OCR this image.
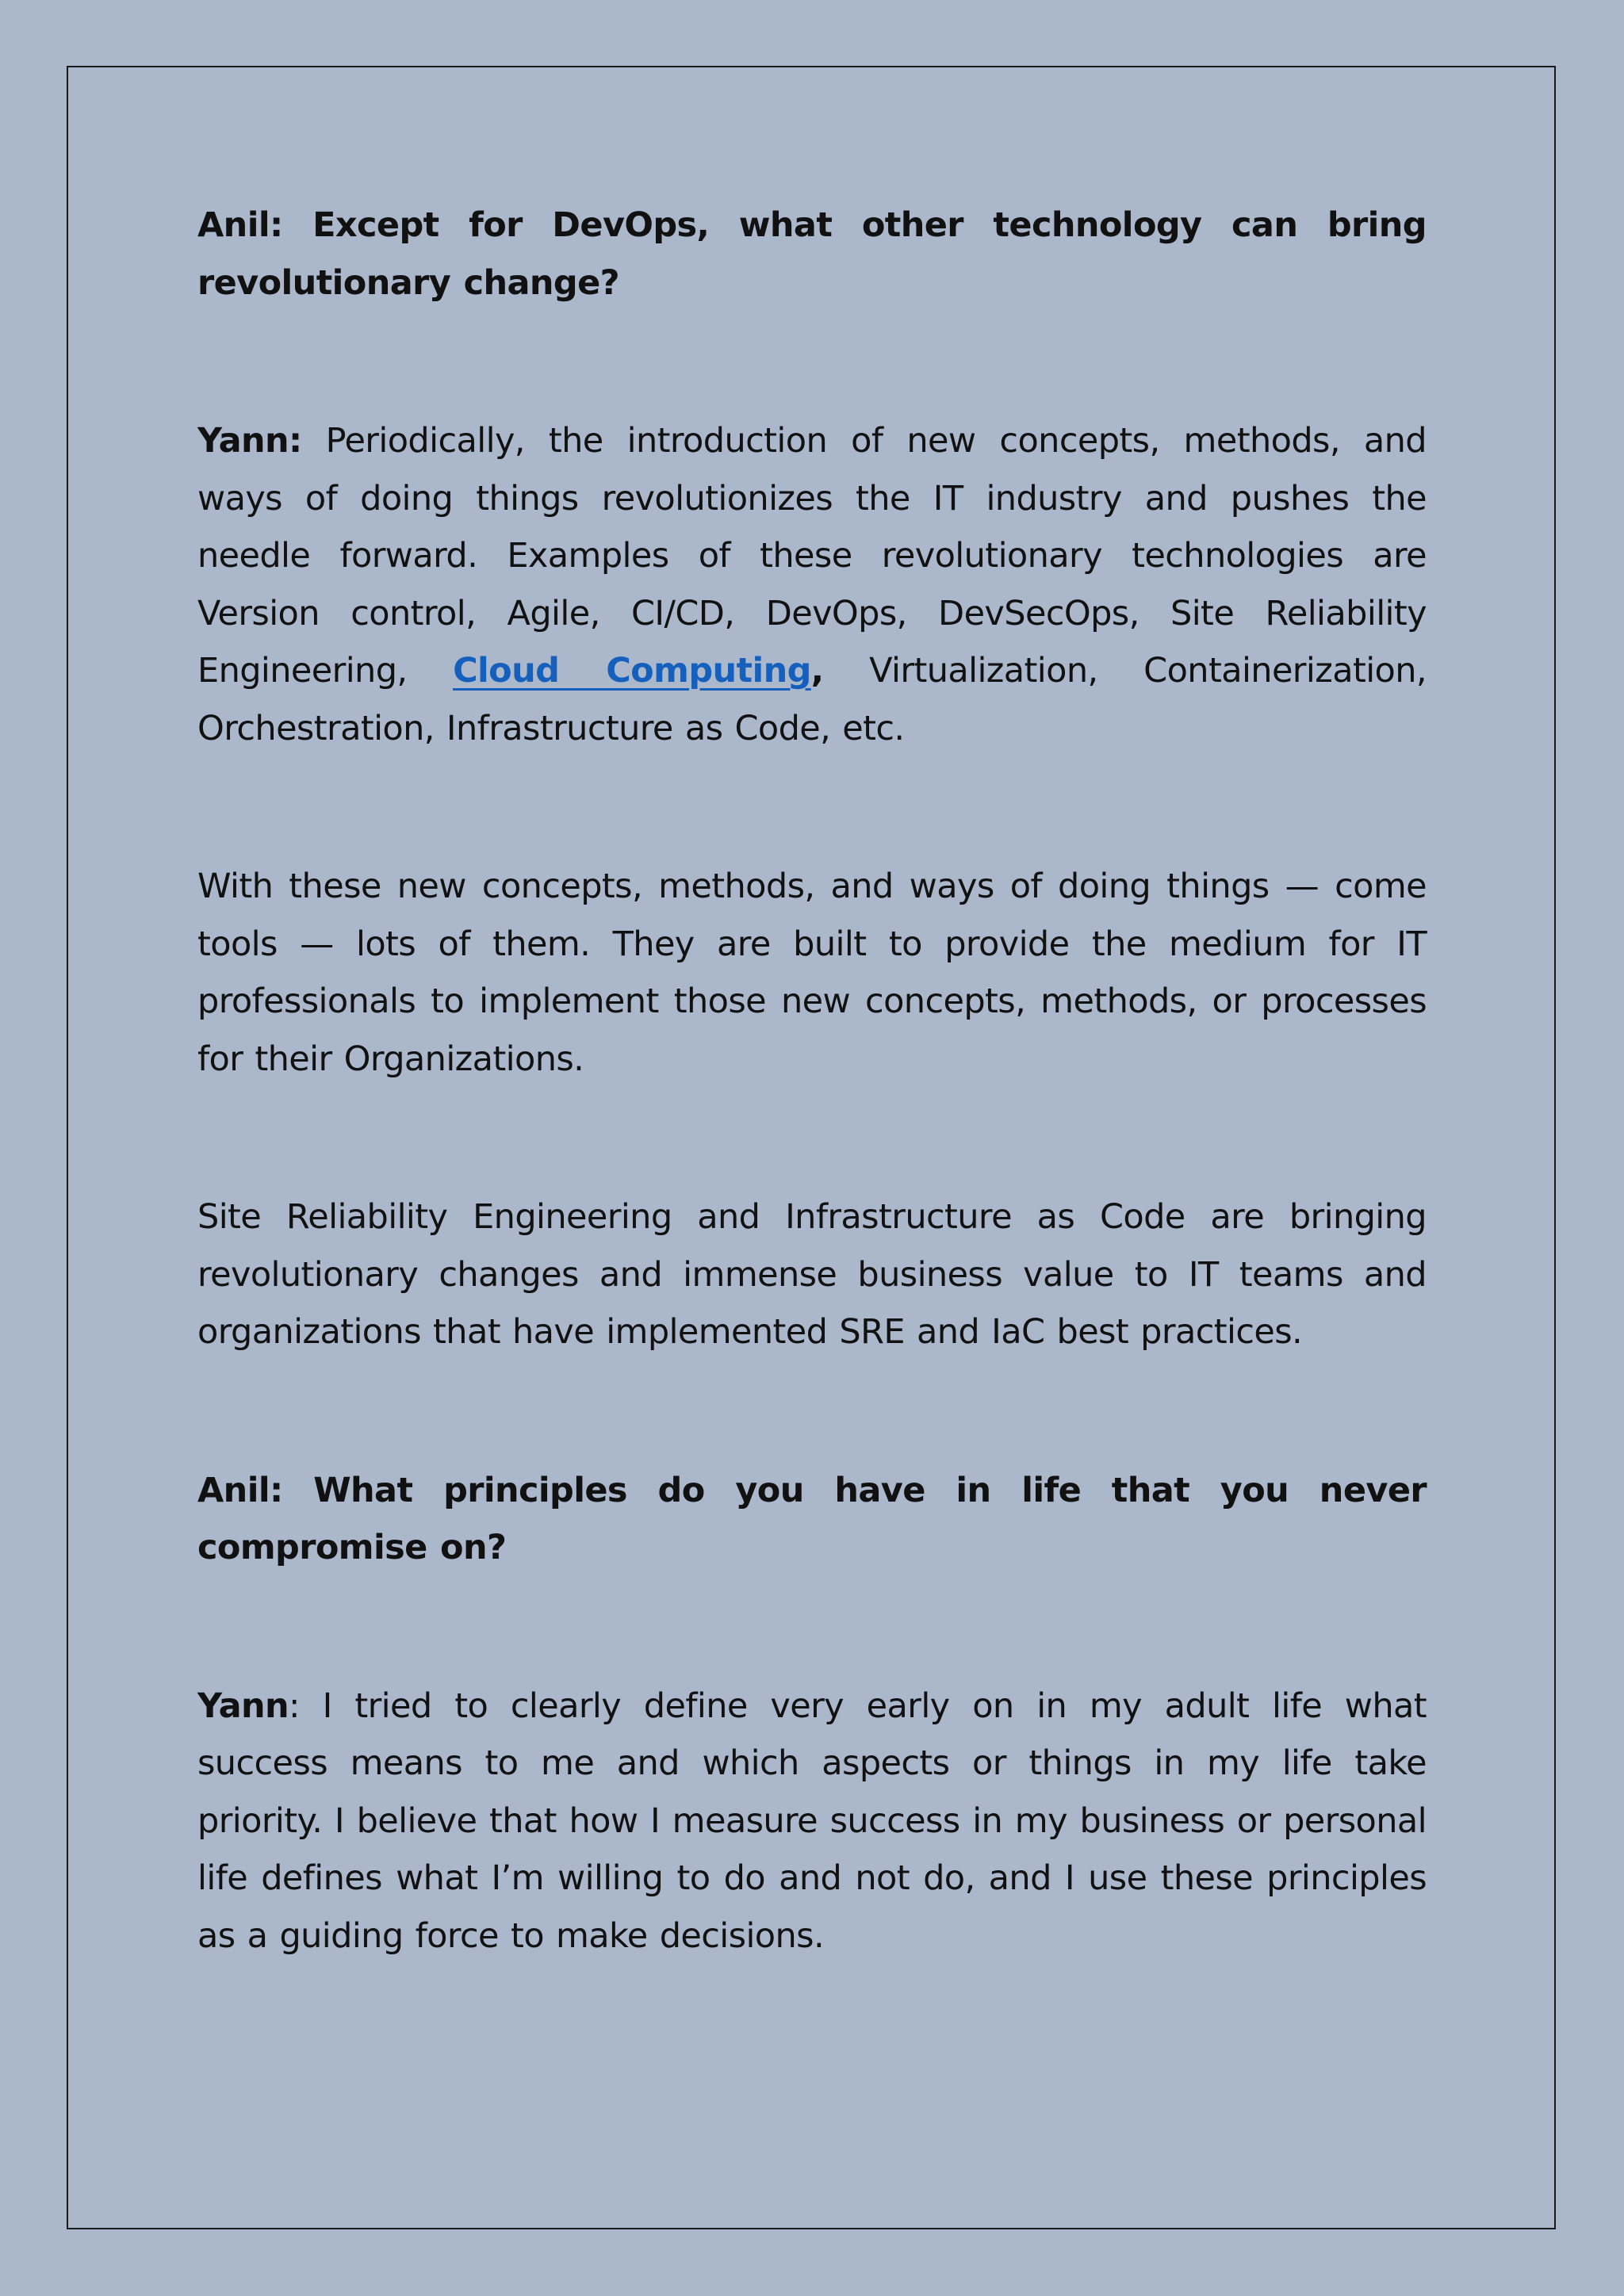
Anil: Except for DevOps, what other technology can bring revolutionary change?

Yann: Periodically, the introduction of new concepts, methods, and ways of doing things revolutionizes the IT industry and pushes the needle forward. Examples of these revolutionary technologies are Version control, Agile, CI/CD, DevOps, DevSecOps, Site Reliability Engineering, Cloud Computing, Virtualization, Containerization, Orchestration, Infrastructure as Code, etc.

With these new concepts, methods, and ways of doing things — come tools — lots of them. They are built to provide the medium for IT professionals to implement those new concepts, methods, or processes for their Organizations.

Site Reliability Engineering and Infrastructure as Code are bringing revolutionary changes and immense business value to IT teams and organizations that have implemented SRE and IaC best practices.

Anil: What principles do you have in life that you never compromise on?

Yann: I tried to clearly define very early on in my adult life what success means to me and which aspects or things in my life take priority. I believe that how I measure success in my business or personal life defines what I’m willing to do and not do, and I use these principles as a guiding force to make decisions.
